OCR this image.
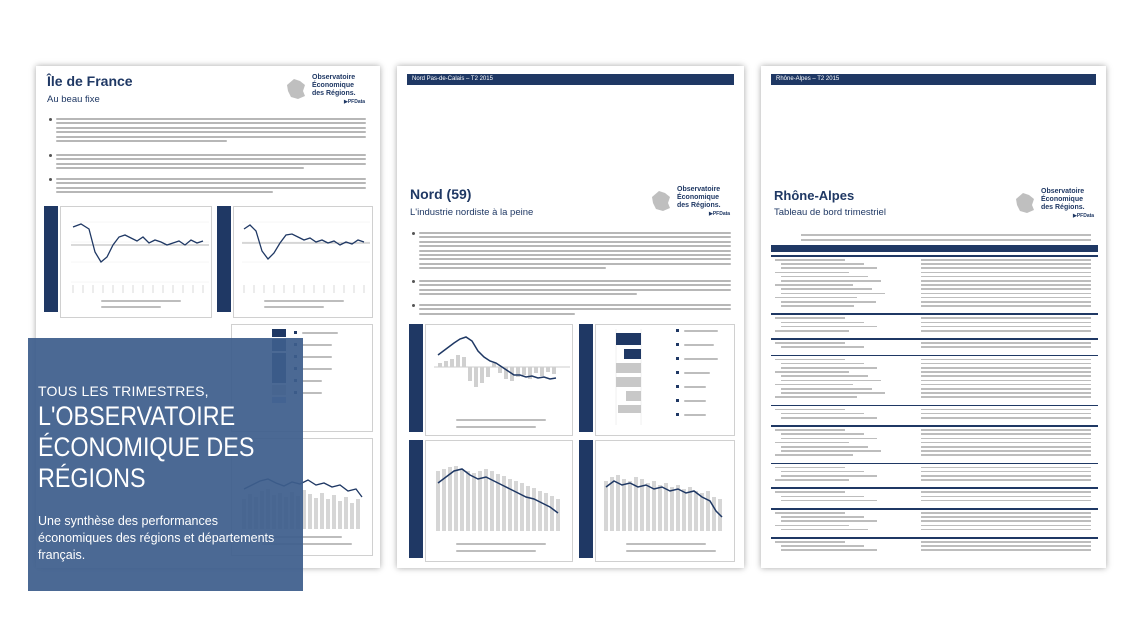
Île de France
Au beau fixe
Observatoire
Économique
des Régions.
▶PFData
Nord Pas-de-Calais – T2 2015
Nord (59)
L'industrie nordiste à la peine
Observatoire
Économique
des Régions.
▶PFData
Rhône-Alpes – T2 2015
Rhône-Alpes
Tableau de bord trimestriel
Observatoire
Économique
des Régions.
▶PFData
TOUS LES TRIMESTRES,
L'OBSERVATOIRE
ÉCONOMIQUE DES
RÉGIONS
Une synthèse des performances économiques des régions et départements français.
